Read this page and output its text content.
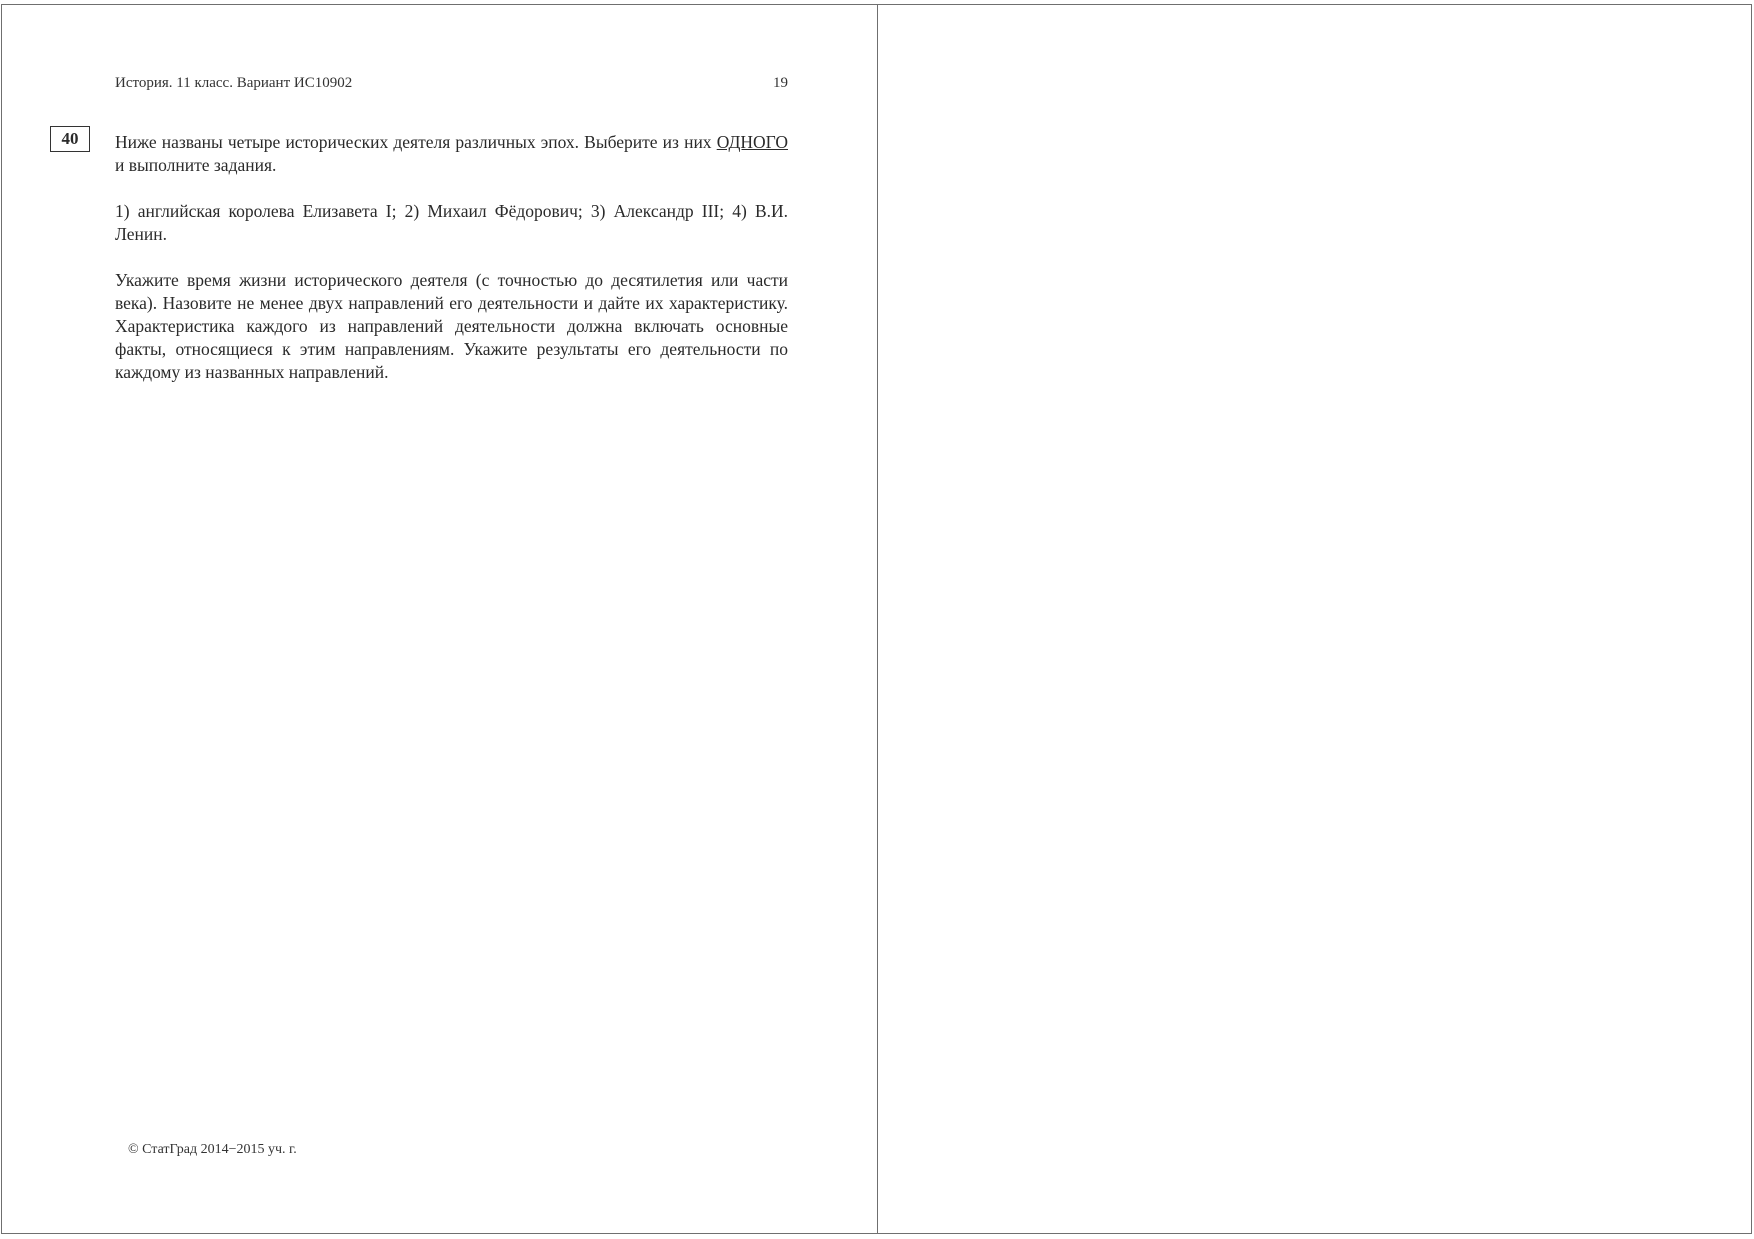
История. 11 класс. Вариант ИС10902	19
40	Ниже названы четыре исторических деятеля различных эпох. Выберите из них ОДНОГО и выполните задания.

1) английская королева Елизавета I; 2) Михаил Фёдорович; 3) Александр III; 4) В.И. Ленин.

Укажите время жизни исторического деятеля (с точностью до десятилетия или части века). Назовите не менее двух направлений его деятельности и дайте их характеристику. Характеристика каждого из направлений деятельности должна включать основные факты, относящиеся к этим направлениям. Укажите результаты его деятельности по каждому из названных направлений.

© СтатГрад 2014−2015 уч. г.
